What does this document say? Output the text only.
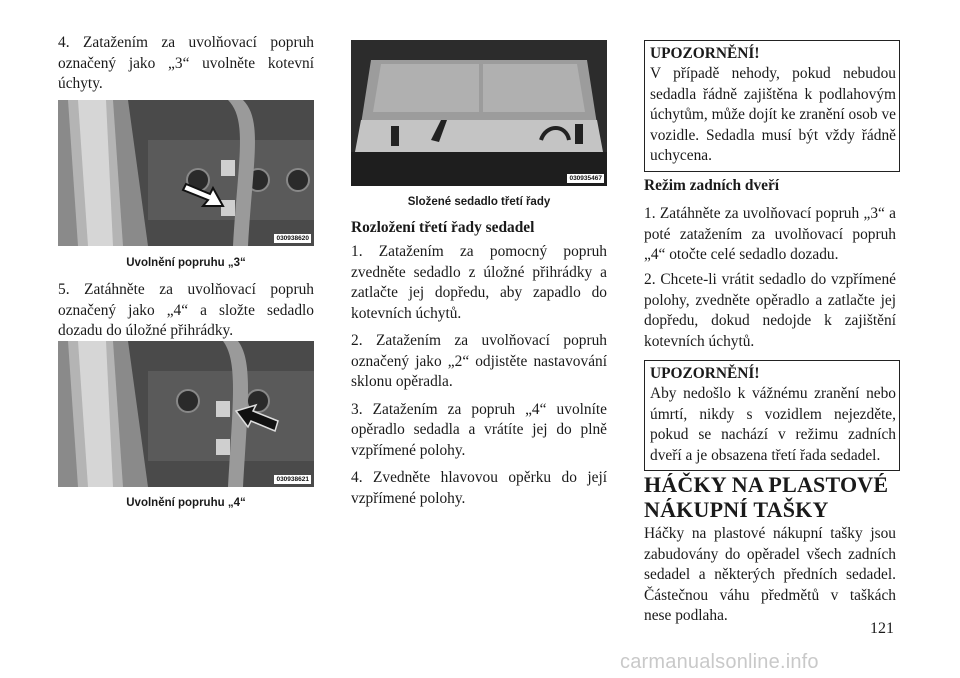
4. Zatažením za uvolňovací popruh označený jako „3“ uvolněte kotevní úchyty.

030938620

Uvolnění popruhu „3“

5. Zatáhněte za uvolňovací popruh označený jako „4“ a složte sedadlo dozadu do úložné přihrádky.

030938621

Uvolnění popruhu „4“

030935467

Složené sedadlo třetí řady

Rozložení třetí řady sedadel

1. Zatažením za pomocný popruh zvedněte sedadlo z úložné přihrádky a zatlačte jej dopředu, aby zapadlo do kotevních úchytů.

2. Zatažením za uvolňovací popruh označený jako „2“ odjistěte nastavování sklonu opěradla.

3. Zatažením za popruh „4“ uvolníte opěradlo sedadla a vrátíte jej do plně vzpřímené polohy.

4. Zvedněte hlavovou opěrku do její vzpřímené polohy.

UPOZORNĚNÍ!

V případě nehody, pokud nebudou sedadla řádně zajištěna k podlahovým úchytům, může dojít ke zranění osob ve vozidle. Sedadla musí být vždy řádně uchycena.

Režim zadních dveří

1. Zatáhněte za uvolňovací popruh „3“ a poté zatažením za uvolňovací popruh „4“ otočte celé sedadlo dozadu.

2. Chcete-li vrátit sedadlo do vzpřímené polohy, zvedněte opěradlo a zatlačte jej dopředu, dokud nedojde k zajištění kotevních úchytů.

UPOZORNĚNÍ!

Aby nedošlo k vážnému zranění nebo úmrtí, nikdy s vozidlem nejezděte, pokud se nachází v režimu zadních dveří a je obsazena třetí řada sedadel.

HÁČKY NA PLASTOVÉ
NÁKUPNÍ TAŠKY

Háčky na plastové nákupní tašky jsou zabudovány do opěradel všech zadních sedadel a některých předních sedadel. Částečnou váhu předmětů v taškách nese podlaha.

121
carmanualsonline.info
